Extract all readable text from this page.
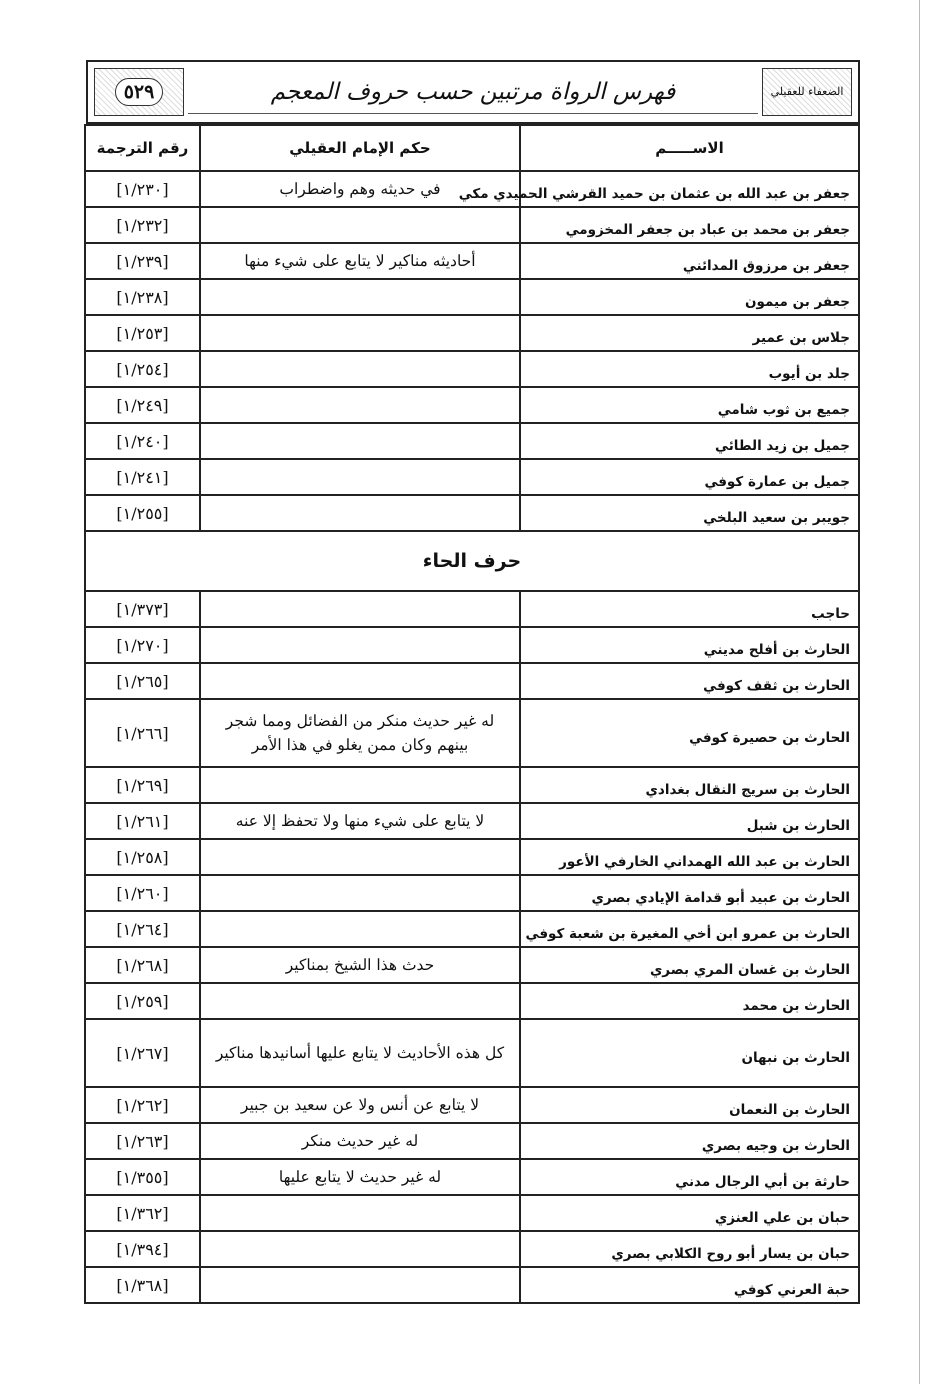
الضعفاء للعقيلي
فهرس الرواة مرتبين حسب حروف المعجم
٥٢٩
الاســـــم	حكم الإمام العقيلي	رقم الترجمة
جعفر بن عبد الله بن عثمان بن حميد القرشي الحميدي مكي	في حديثه وهم واضطراب	[١/٢٣٠]
جعفر بن محمد بن عباد بن جعفر المخزومي		[١/٢٣٢]
جعفر بن مرزوق المدائني	أحاديثه مناكير لا يتابع على شيء منها	[١/٢٣٩]
جعفر بن ميمون		[١/٢٣٨]
جلاس بن عمير		[١/٢٥٣]
جلد بن أيوب		[١/٢٥٤]
جميع بن ثوب شامي		[١/٢٤٩]
جميل بن زيد الطائي		[١/٢٤٠]
جميل بن عمارة كوفي		[١/٢٤١]
جويبر بن سعيد البلخي		[١/٢٥٥]
حرف الحاء		
حاجب		[١/٣٧٣]
الحارث بن أفلح مديني		[١/٢٧٠]
الحارث بن ثقف كوفي		[١/٢٦٥]
الحارث بن حصيرة كوفي	له غير حديث منكر من الفضائل ومما شجر بينهم وكان ممن يغلو في هذا الأمر	[١/٢٦٦]
الحارث بن سريج النقال بغدادي		[١/٢٦٩]
الحارث بن شبل	لا يتابع على شيء منها ولا تحفظ إلا عنه	[١/٢٦١]
الحارث بن عبد الله الهمداني الخارفي الأعور		[١/٢٥٨]
الحارث بن عبيد أبو قدامة الإيادي بصري		[١/٢٦٠]
الحارث بن عمرو ابن أخي المغيرة بن شعبة كوفي		[١/٢٦٤]
الحارث بن غسان المري بصري	حدث هذا الشيخ بمناكير	[١/٢٦٨]
الحارث بن محمد		[١/٢٥٩]
الحارث بن نبهان	كل هذه الأحاديث لا يتابع عليها أسانيدها مناكير	[١/٢٦٧]
الحارث بن النعمان	لا يتابع عن أنس ولا عن سعيد بن جبير	[١/٢٦٢]
الحارث بن وجيه بصري	له غير حديث منكر	[١/٢٦٣]
حارثة بن أبي الرجال مدني	له غير حديث لا يتابع عليها	[١/٣٥٥]
حبان بن علي العنزي		[١/٣٦٢]
حبان بن يسار أبو روح الكلابي بصري		[١/٣٩٤]
حبة العرني كوفي		[١/٣٦٨]
